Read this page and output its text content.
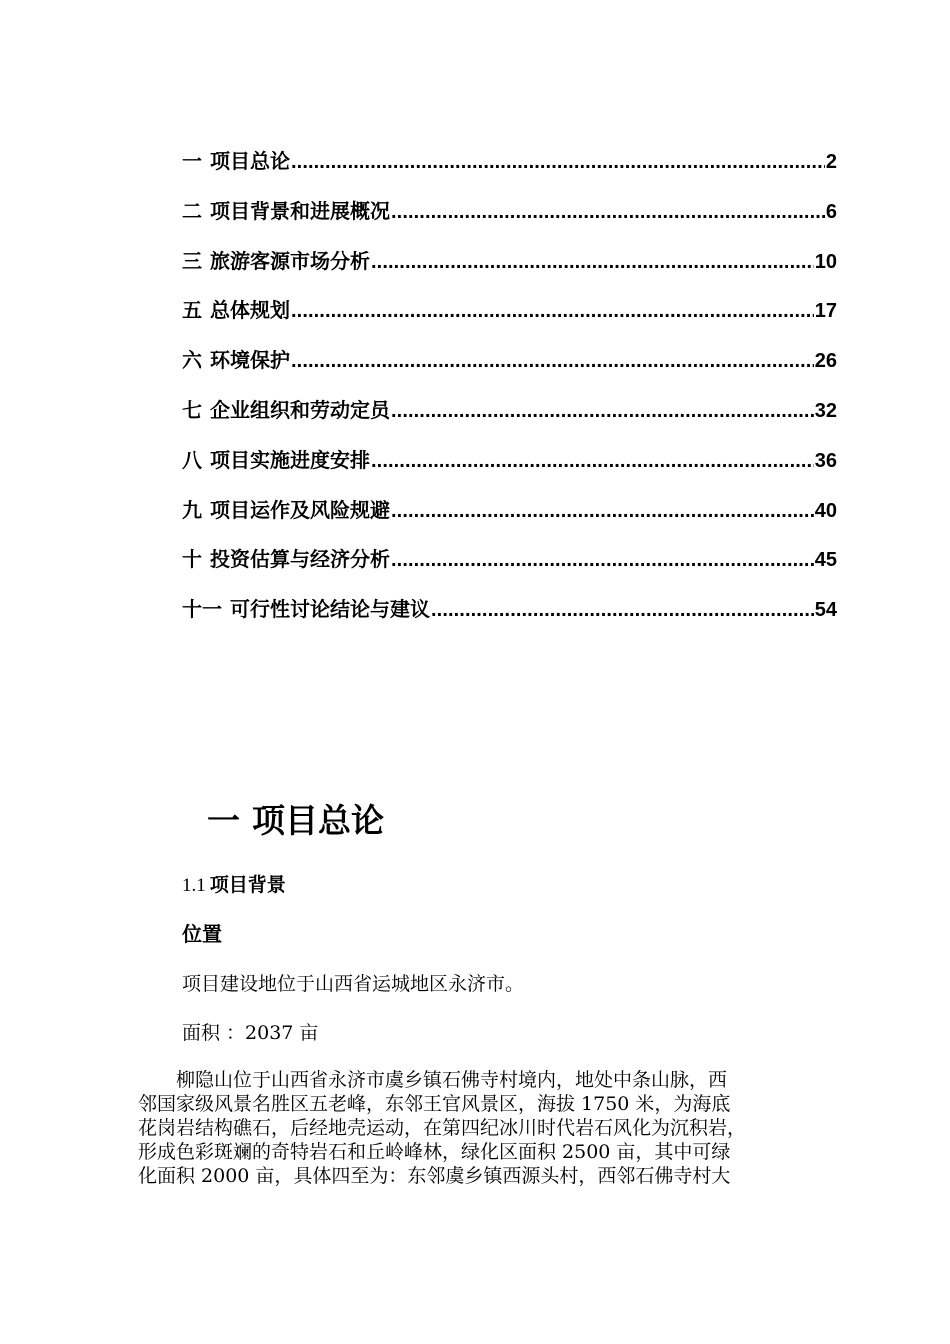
一 项目总论 .....	2
二 项目背景和进展概况 .....	6
三 旅游客源市场分析 .....	10
五 总体规划 .....	17
六 环境保护 .....	26
七 企业组织和劳动定员 .....	32
八 项目实施进度安排 .....	36
九 项目运作及风险规避 .....	40
十 投资估算与经济分析 .....	45
十一 可行性讨论结论与建议 .....	54
一 项目总论
1.1 项目背景
位置

项目建设地位于山西省运城地区永济市。

面积 ：2037 亩

　　柳隐山位于山西省永济市虞乡镇石佛寺村境内，地处中条山脉，西
邻国家级风景名胜区五老峰，东邻王官风景区，海拔 1750 米，为海底
花岗岩结构礁石，后经地壳运动，在第四纪冰川时代岩石风化为沉积岩，
形成色彩斑斓的奇特岩石和丘岭峰林，绿化区面积 2500 亩，其中可绿
化面积 2000 亩，具体四至为：东邻虞乡镇西源头村，西邻石佛寺村大
